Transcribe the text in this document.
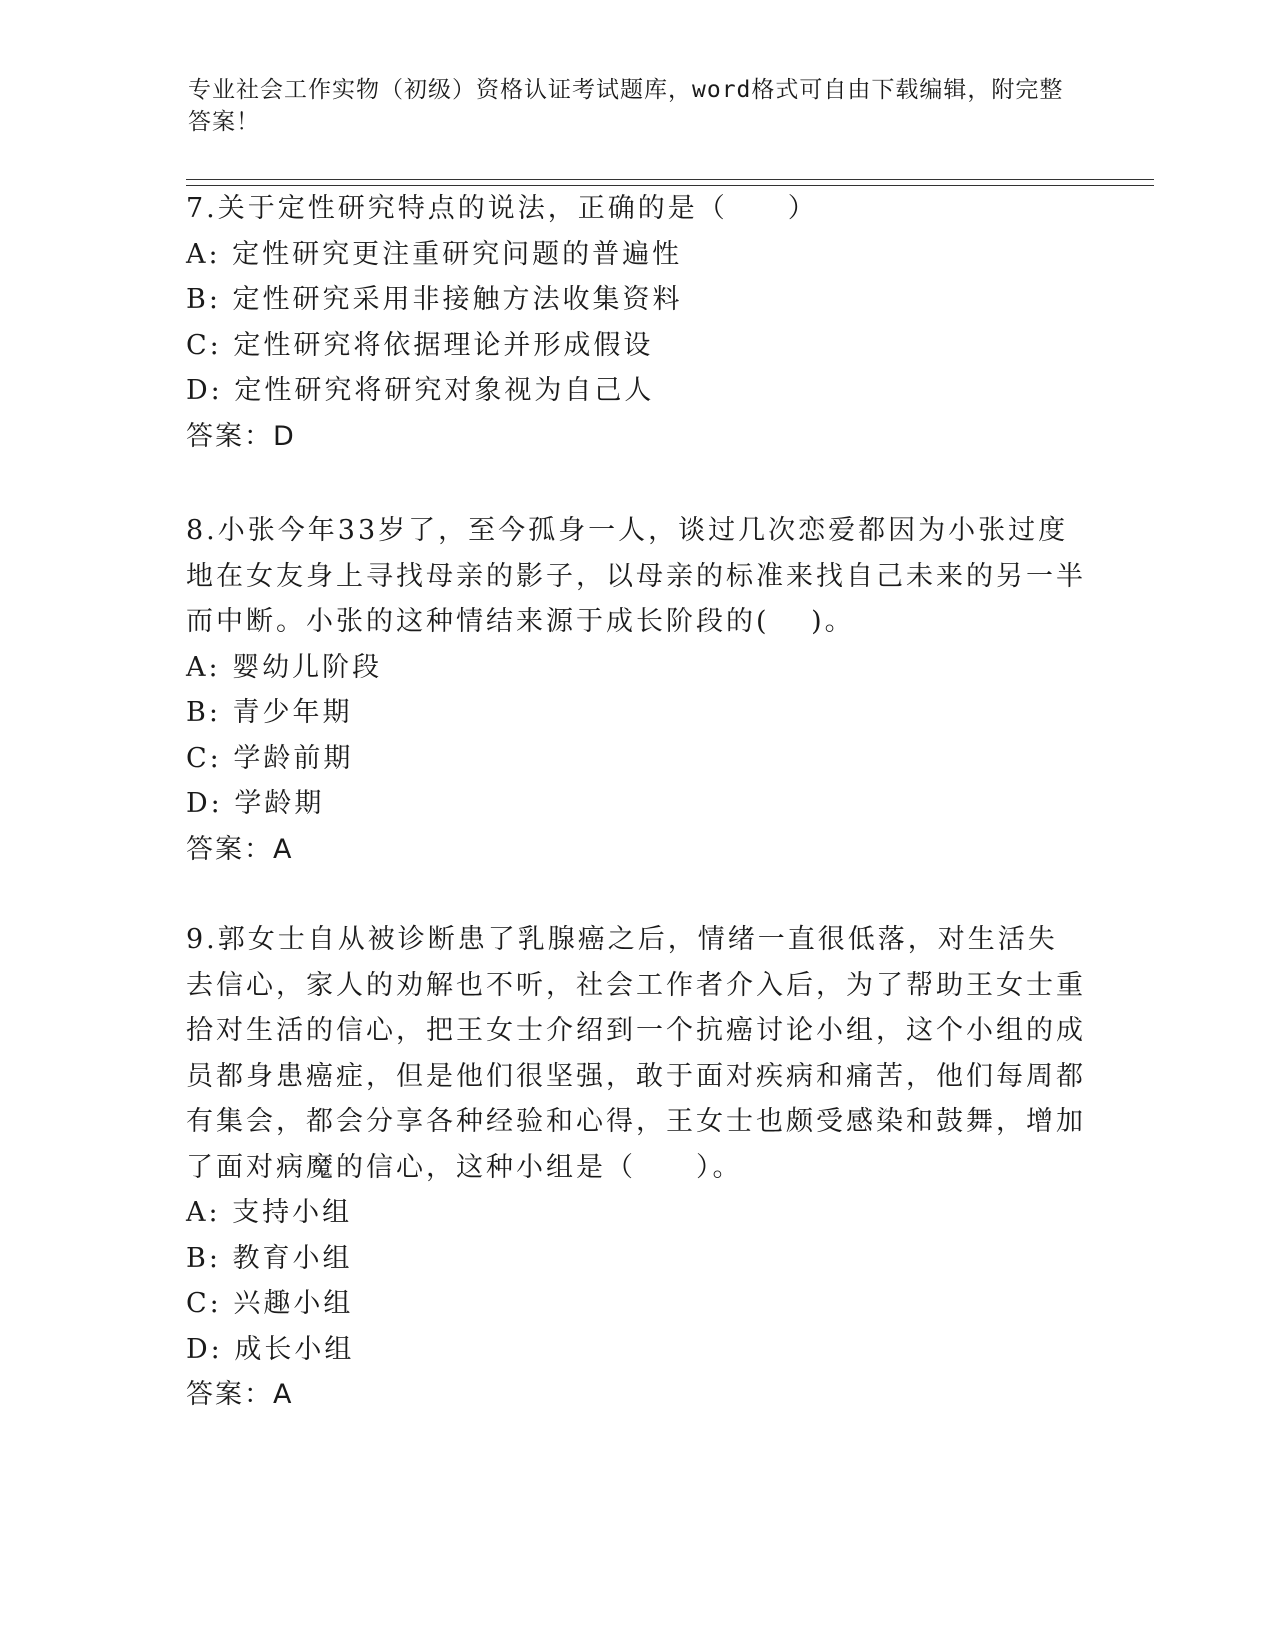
专业社会工作实物（初级）资格认证考试题库，word格式可自由下载编辑，附完整答案！

7.关于定性研究特点的说法，正确的是（　　）

A: 定性研究更注重研究问题的普遍性

B: 定性研究采用非接触方法收集资料

C: 定性研究将依据理论并形成假设

D: 定性研究将研究对象视为自己人

答案：D

8.小张今年33岁了，至今孤身一人，谈过几次恋爱都因为小张过度地在女友身上寻找母亲的影子，以母亲的标准来找自己未来的另一半而中断。小张的这种情结来源于成长阶段的(　 )。

A: 婴幼儿阶段

B: 青少年期

C: 学龄前期

D: 学龄期

答案：A

9.郭女士自从被诊断患了乳腺癌之后，情绪一直很低落，对生活失去信心，家人的劝解也不听，社会工作者介入后，为了帮助王女士重拾对生活的信心，把王女士介绍到一个抗癌讨论小组，这个小组的成员都身患癌症，但是他们很坚强，敢于面对疾病和痛苦，他们每周都有集会，都会分享各种经验和心得，王女士也颇受感染和鼓舞，增加了面对病魔的信心，这种小组是（　　）。

A: 支持小组

B: 教育小组

C: 兴趣小组

D: 成长小组

答案：A
